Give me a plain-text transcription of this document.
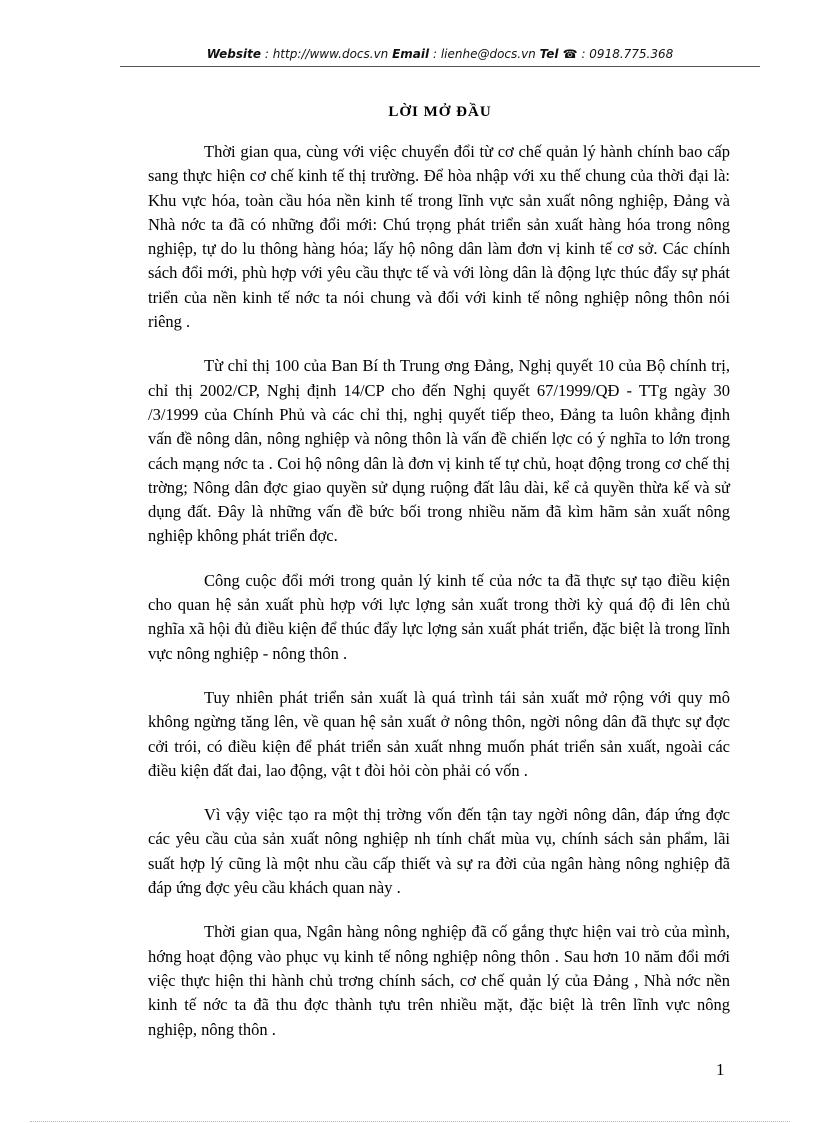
Website : http://www.docs.vn Email : lienhe@docs.vn Tel ☎ : 0918.775.368
LỜI MỞ ĐẦU

Thời gian qua, cùng với việc chuyển đổi từ cơ chế quản lý hành chính bao cấp sang thực hiện cơ chế kinh tế thị trường. Để hòa nhập với xu thế chung của thời đại là: Khu vực hóa, toàn cầu hóa nền kinh tế trong lĩnh vực sản xuất nông nghiệp, Đảng và Nhà nớc ta đã có những đổi mới: Chú trọng phát triển sản xuất hàng hóa trong nông nghiệp, tự do lu thông hàng hóa; lấy hộ nông dân làm đơn vị kinh tế cơ sở. Các chính sách đổi mới, phù hợp với yêu cầu thực tế và với lòng dân là động lực thúc đẩy sự phát triển của nền kinh tế nớc ta nói chung và đối với kinh tế nông nghiệp nông thôn nói riêng .

Từ chỉ thị 100 của Ban Bí th Trung ơng Đảng, Nghị quyết 10 của Bộ chính trị, chỉ thị 2002/CP, Nghị định 14/CP cho đến Nghị quyết 67/1999/QĐ - TTg ngày 30 /3/1999 của Chính Phủ và các chỉ thị, nghị quyết tiếp theo, Đảng ta luôn khẳng định vấn đề nông dân, nông nghiệp và nông thôn là vấn đề chiến lợc có ý nghĩa to lớn trong cách mạng nớc ta . Coi hộ nông dân là đơn vị kinh tế tự chủ, hoạt động trong cơ chế thị trờng; Nông dân đợc giao quyền sử dụng ruộng đất lâu dài, kể cả quyền thừa kế và sử dụng đất. Đây là những vấn đề bức bối trong nhiều năm đã kìm hãm sản xuất nông nghiệp không phát triển đợc.

Công cuộc đổi mới trong quản lý kinh tế của nớc ta đã thực sự tạo điều kiện cho quan hệ sản xuất phù hợp với lực lợng sản xuất trong thời kỳ quá độ đi lên chủ nghĩa xã hội đủ điều kiện để thúc đẩy lực lợng sản xuất phát triển, đặc biệt là trong lĩnh vực nông nghiệp - nông thôn .

Tuy nhiên phát triển sản xuất là quá trình tái sản xuất mở rộng với quy mô không ngừng tăng lên, về quan hệ sản xuất ở nông thôn, ngời nông dân đã thực sự đợc cởi trói, có điều kiện để phát triển sản xuất nhng muốn phát triển sản xuất, ngoài các điều kiện đất đai, lao động, vật t đòi hỏi còn phải có vốn .

Vì vậy việc tạo ra một thị trờng vốn đến tận tay ngời nông dân, đáp ứng đợc các yêu cầu của sản xuất nông nghiệp nh tính chất mùa vụ, chính sách sản phẩm, lãi suất hợp lý cũng là một nhu cầu cấp thiết và sự ra đời của ngân hàng nông nghiệp đã đáp ứng đợc yêu cầu khách quan này .

Thời gian qua, Ngân hàng nông nghiệp đã cố gắng thực hiện vai trò của mình, hớng hoạt động vào phục vụ kinh tế nông nghiệp nông thôn . Sau hơn 10 năm đổi mới việc thực hiện thi hành chủ trơng chính sách, cơ chế quản lý của Đảng , Nhà nớc nền kinh tế nớc ta đã thu đợc thành tựu trên nhiều mặt, đặc biệt là trên lĩnh vực nông nghiệp, nông thôn .

1
